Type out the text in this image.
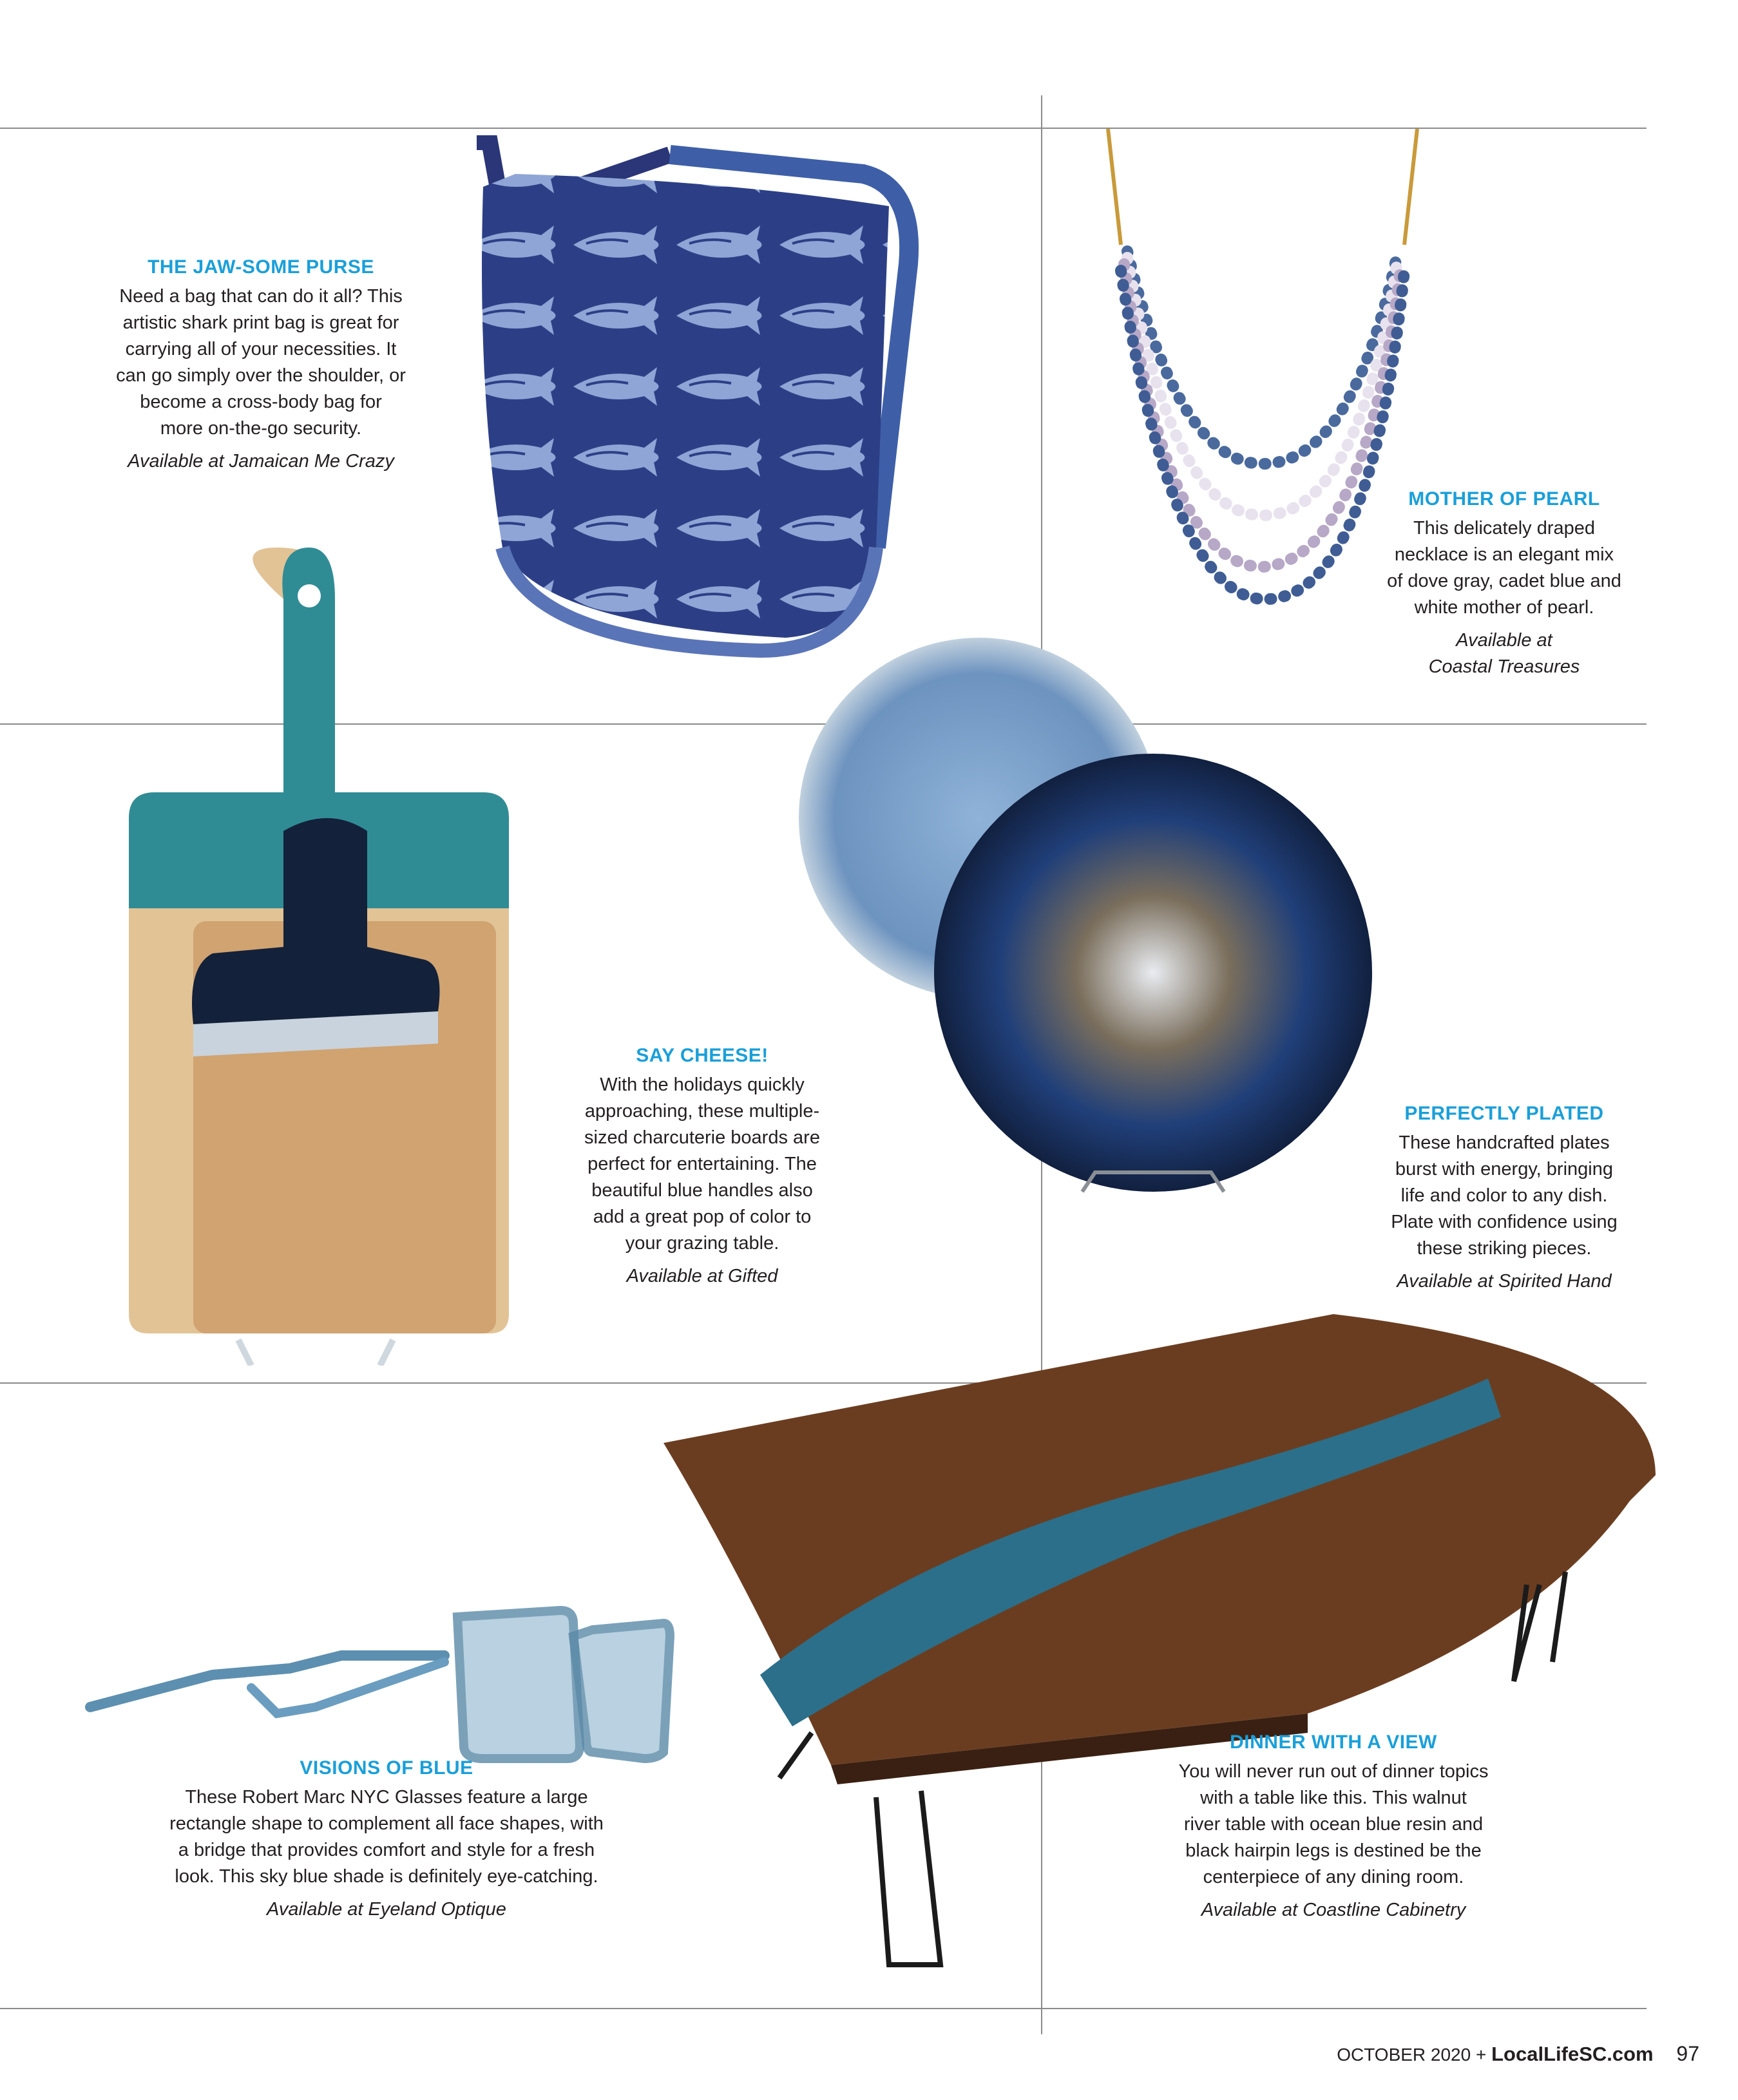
THE JAW-SOME PURSE

Need a bag that can do it all? This
artistic shark print bag is great for
carrying all of your necessities. It
can go simply over the shoulder, or
become a cross-body bag for
more on-the-go security.

Available at Jamaican Me Crazy

MOTHER OF PEARL

This delicately draped
necklace is an elegant mix
of dove gray, cadet blue and
white mother of pearl.

Available at
Coastal Treasures

SAY CHEESE!

With the holidays quickly
approaching, these multiple-
sized charcuterie boards are
perfect for entertaining. The
beautiful blue handles also
add a great pop of color to
your grazing table.

Available at Gifted

PERFECTLY PLATED

These handcrafted plates
burst with energy, bringing
life and color to any dish.
Plate with confidence using
these striking pieces.

Available at Spirited Hand

VISIONS OF BLUE

These Robert Marc NYC Glasses feature a large
rectangle shape to complement all face shapes, with
a bridge that provides comfort and style for a fresh
look. This sky blue shade is definitely eye-catching.

Available at Eyeland Optique

DINNER WITH A VIEW

You will never run out of dinner topics
with a table like this. This walnut
river table with ocean blue resin and
black hairpin legs is destined be the
centerpiece of any dining room.

Available at Coastline Cabinetry

OCTOBER 2020 + LocalLifeSC.com 97
